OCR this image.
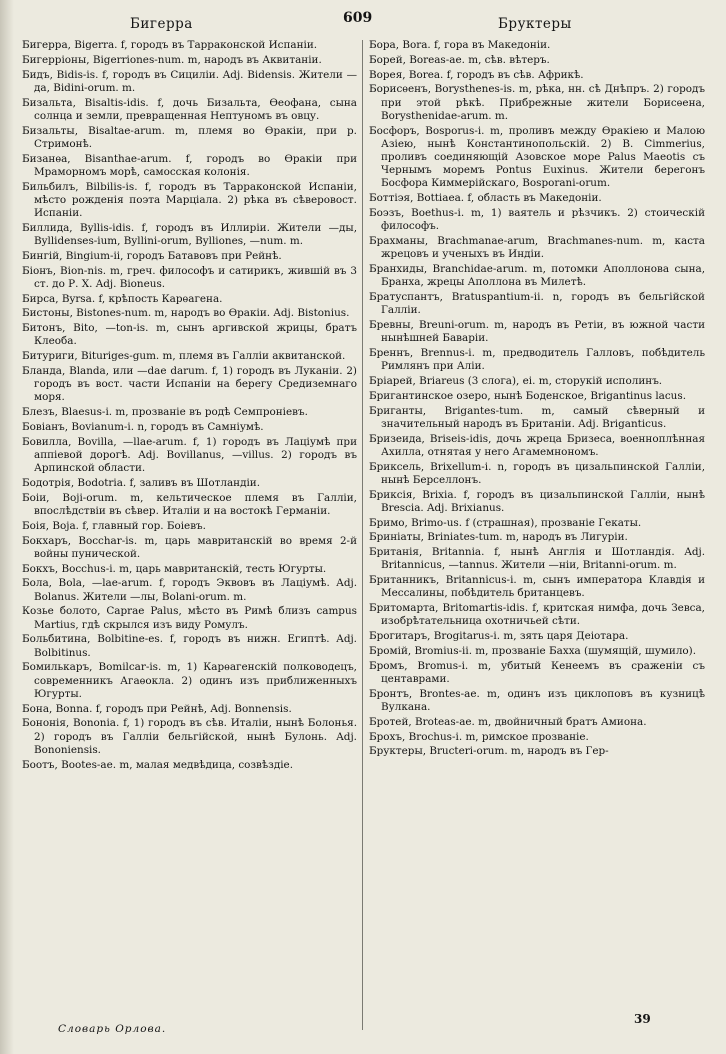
Бигерра	609	Бруктеры

Бигерра, Bigerra. f, городъ въ Тарраконской Испаніи.

Бигерріоны, Bigerriones-num. m, народъ въ Аквитаніи.

Бидъ, Bidis-is. f, городъ въ Сициліи. Adj. Bidensis. Жители —да, Bidini-orum. m.

Бизальта, Bisaltis-idis. f, дочь Бизальта, Ѳеофана, сына солнца и земли, превращенная Нептуномъ въ овцу.

Бизальты, Bisaltae-arum. m, племя во Ѳракіи, при р. Стримонѣ.

Бизанѳа, Bisanthae-arum. f, городъ во Ѳракіи при Мраморномъ морѣ, самосская колонія.

Бильбилъ, Bilbilis-is. f, городъ въ Тарраконской Испаніи, мѣсто рожденія поэта Марціала. 2) рѣка въ сѣверовост. Испаніи.

Биллида, Byllis-idis. f, городъ въ Иллиріи. Жители —ды, Byllidenses-ium, Byllini-orum, Bylliones, —num. m.

Бингій, Bingium-ii, городъ Батавовъ при Рейнѣ.

Біонъ, Bion-nis. m, греч. философъ и сатирикъ, жившій въ 3 ст. до Р. Х. Adj. Bioneus.

Бирса, Byrsa. f, крѣпость Карѳагена.

Бистоны, Bistones-num. m, народъ во Ѳракіи. Adj. Bistonius.

Битонъ, Bito, —ton-is. m, сынъ аргивской жрицы, братъ Клеоба.

Битуриги, Bituriges-gum. m, племя въ Галліи аквитанской.

Бланда, Blanda, или —dae darum. f, 1) городъ въ Луканіи. 2) городъ въ вост. части Испаніи на берегу Средиземнаго моря.

Блезъ, Blaesus-i. m, прозваніе въ родѣ Семпроніевъ.

Бовіанъ, Bovianum-i. n, городъ въ Самніумѣ.

Бовилла, Bovilla, —llae-arum. f, 1) городъ въ Лаціумѣ при аппіевой дорогѣ. Adj. Bovillanus, —villus. 2) городъ въ Арпинской области.

Бодотрія, Bodotria. f, заливъ въ Шотландіи.

Боіи, Boji-orum. m, кельтическое племя въ Галліи, впослѣдствіи въ сѣвер. Италіи и на востокѣ Германіи.

Боія, Boja. f, главный гор. Боіевъ.

Бокхаръ, Bocchar-is. m, царь мавританскій во время 2-й войны пунической.

Бокхъ, Bocchus-i. m, царь мавританскій, тесть Югурты.

Бола, Bola, —lae-arum. f, городъ Эквовъ въ Лаціумѣ. Adj. Bolanus. Жители —лы, Bolani-orum. m.

Козье болото, Caprae Palus, мѣсто въ Римѣ близъ campus Martius, гдѣ скрылся изъ виду Ромулъ.

Больбитина, Bolbitine-es. f, городъ въ нижн. Египтѣ. Adj. Bolbitinus.

Бомилькаръ, Bomilcar-is. m, 1) Карѳагенскій полководецъ, современникъ Агаѳокла. 2) одинъ изъ приближенныхъ Югурты.

Бона, Bonna. f, городъ при Рейнѣ, Adj. Bonnensis.

Бононія, Bononia. f, 1) городъ въ сѣв. Италіи, нынѣ Болонья. 2) городъ въ Галліи бельгійской, нынѣ Булонь. Adj. Bononiensis.

Боотъ, Bootes-ae. m, малая медвѣдица, созвѣздіе.

Бора, Bora. f, гора въ Македоніи.

Борей, Boreas-ae. m, сѣв. вѣтеръ.

Ворея, Borea. f, городъ въ сѣв. Африкѣ.

Борисѳенъ, Borysthenes-is. m, рѣка, нн. сѣ Днѣпръ. 2) городъ при этой рѣкѣ. Прибрежные жители Борисѳена, Borysthenidae-arum. m.

Босфоръ, Bosporus-i. m, проливъ между Ѳракіею и Малою Азіею, нынѣ Константинопольскій. 2) B. Cimmerius, проливъ соединяющій Азовское море Palus Maeotis съ Чернымъ моремъ Pontus Euxinus. Жители берегонъ Босфора Киммерійскаго, Bosporani-orum.

Боттіэя, Bottiaea. f, область въ Македоніи.

Боэзъ, Boethus-i. m, 1) ваятель и рѣзчикъ. 2) стоическій философъ.

Брахманы, Brachmanae-arum, Brachmanes-num. m, каста жрецовъ и ученыхъ въ Индіи.

Бранхиды, Branchidae-arum. m, потомки Аполлонова сына, Бранха, жрецы Аполлона въ Милетѣ.

Братуспантъ, Bratuspantium-ii. n, городъ въ бельгійской Галліи.

Бревны, Breuni-orum. m, народъ въ Ретіи, въ южной части нынѣшней Баваріи.

Бреннъ, Brennus-i. m, предводитель Галловъ, побѣдитель Римлянъ при Аліи.

Бріарей, Briareus (3 слога), ei. m, сторукій исполинъ.

Бригантинское озеро, нынѣ Боденское, Brigantinus lacus.

Бриганты, Brigantes-tum. m, самый сѣверный и значительный народъ въ Британіи. Adj. Briganticus.

Бризеида, Briseis-idis, дочь жреца Бризеса, военноплѣнная Ахилла, отнятая у него Агамемнономъ.

Бриксель, Brixellum-i. n, городъ въ цизальпинской Галліи, нынѣ Берселлонъ.

Бриксія, Brixia. f, городъ въ цизальпинской Галліи, нынѣ Brescia. Adj. Brixianus.

Бримо, Brimo-us. f (страшная), прозваніе Гекаты.

Бриніаты, Briniates-tum. m, народъ въ Лигуріи.

Британія, Britannia. f, нынѣ Англія и Шотландія. Adj. Britannicus, —tannus. Жители —ніи, Britanni-orum. m.

Британникъ, Britannicus-i. m, сынъ императора Клавдія и Мессалины, побѣдитель британцевъ.

Бритомарта, Britomartis-idis. f, критская нимфа, дочь Зевса, изобрѣтательница охотничьей сѣти.

Брогитаръ, Brogitarus-i. m, зять царя Деіотара.

Бромій, Bromius-ii. m, прозваніе Бахха (шумящій, шумило).

Бромъ, Bromus-i. m, убитый Кенеемъ въ сраженіи съ центаврами.

Бронтъ, Brontes-ae. m, одинъ изъ циклоповъ въ кузницѣ Вулкана.

Бротей, Broteas-ae. m, двойничный братъ Амиона.

Брохъ, Brochus-i. m, римское прозваніе.

Бруктеры, Bructeri-orum. m, народъ въ Гер-

Словарь Орлова.
39
